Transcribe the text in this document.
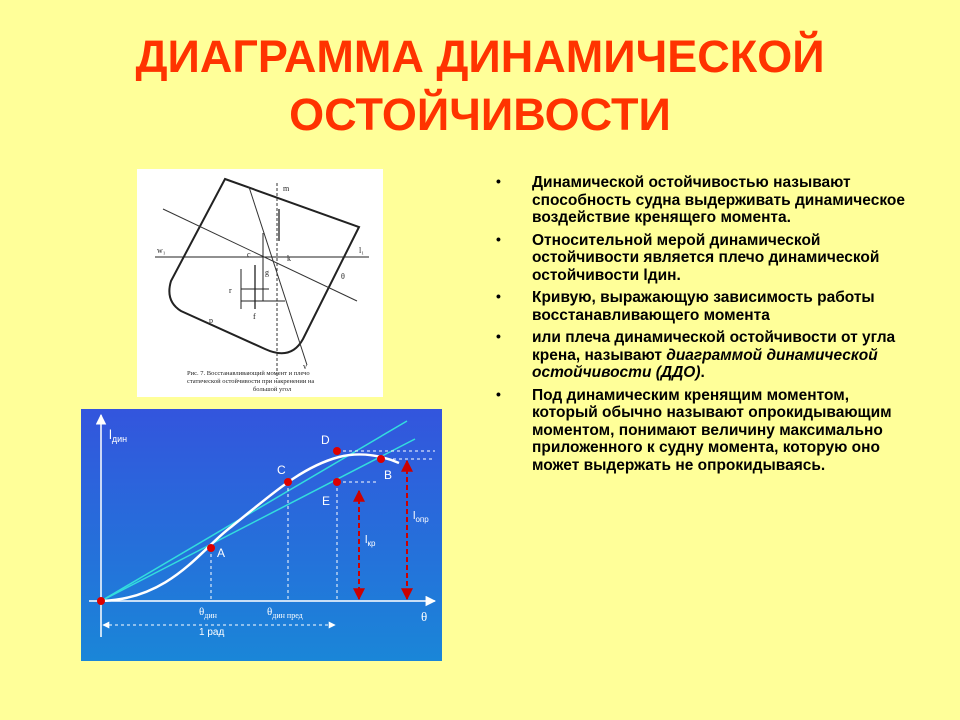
ДИАГРАММА ДИНАМИЧЕСКОЙ
ОСТОЙЧИВОСТИ
w₁	l₁
m
c
g
k
f
r
θ
p
v
Рис. 7. Восстанавливающий момент и плечо
статической остойчивости при накренении на
большой угол
$l_{дин}$
θ
A
C
D
B
E
$\theta_{дин}$	$\theta_{дин пред}$
1 рад
$l_{кр}$
$l_{опр}$
• Динамической остойчивостью называют способность судна выдерживать динамическое воздействие кренящего момента.
• Относительной мерой динамической остойчивости является плечо динамической остойчивости lдин.
• Кривую, выражающую зависимость работы восстанавливающего момента
• или плеча динамической остойчивости от угла крена, называют диаграммой динамической остойчивости (ДДО).
• Под динамическим кренящим моментом, который обычно называют опрокидывающим моментом, понимают величину максимально приложенного к судну момента, которую оно может выдержать не опрокидываясь.
